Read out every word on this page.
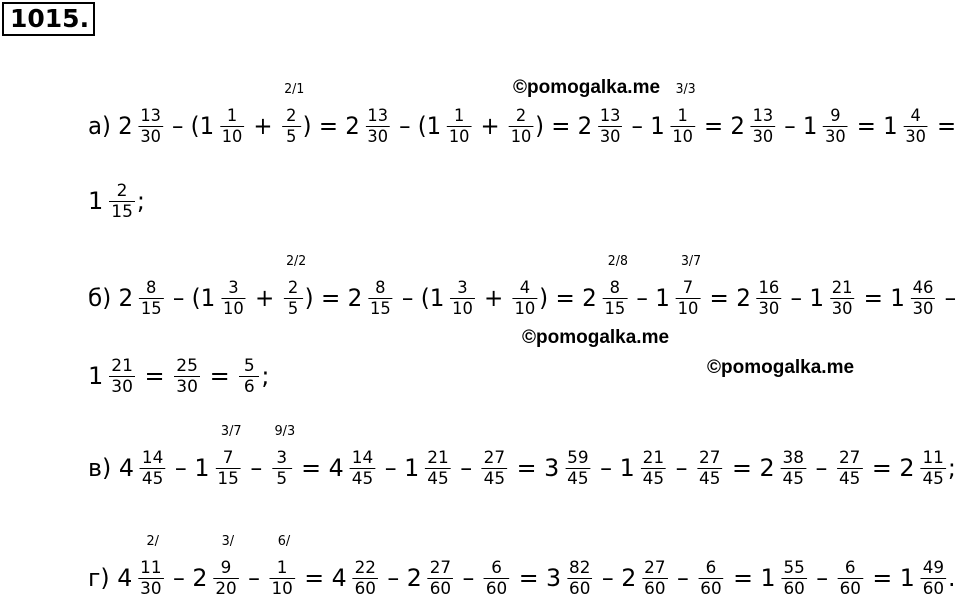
1015.
©pomogalka.me
©pomogalka.me
©pomogalka.me
а) 2 13
30 – ( 1 1
10 +
2/1
2
5 ) = 2 13
30 – ( 1 1
10 + 2
10 ) = 2 13
30 – 1
3/3
1
10 = 2 13
30 – 1 9
30 = 1 4
30 =
1 2
15 ;
б) 2 8
15 – ( 1 3
10 +
2/2
2
5 ) = 2 8
15 – ( 1 3
10 + 4
10 ) = 2
2/8
8
15 – 1
3/7
7
10 = 2 16
30 – 1 21
30 = 1 46
30 –
1 21
30 = 25
30 = 5
6 ;
в) 4 14
45 – 1
3/7
7
15 –
9/3
3
5 = 4 14
45 – 1 21
45 – 27
45 = 3 59
45 – 1 21
45 – 27
45 = 2 38
45 – 27
45 = 2 11
45 ;
г) 4
2/
11
30 – 2
3/
9
20 –
6/
1
10 = 4 22
60 – 2 27
60 – 6
60 = 3 82
60 – 2 27
60 – 6
60 = 1 55
60 – 6
60 = 1 49
60 .
